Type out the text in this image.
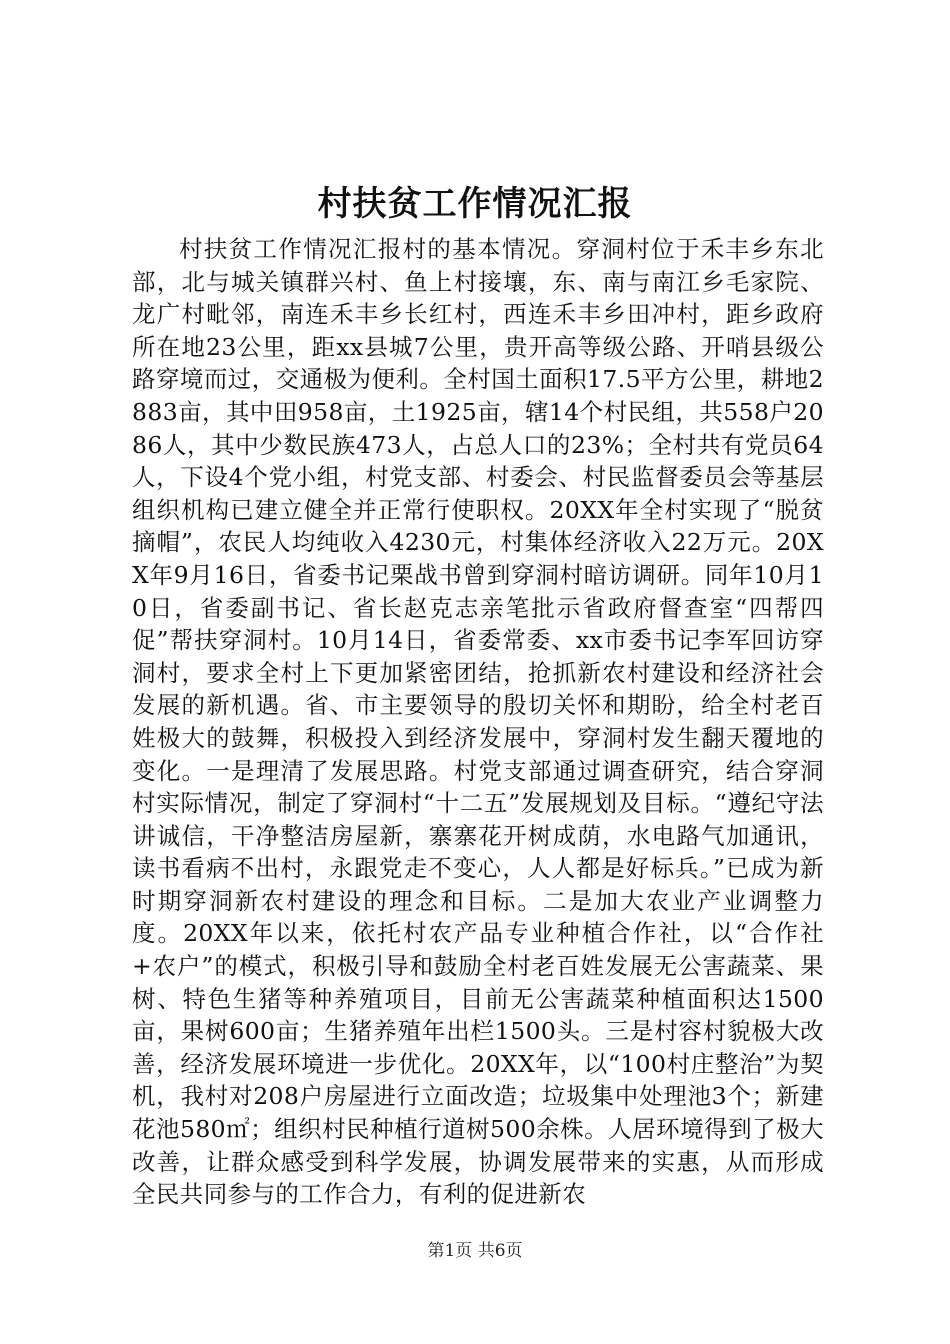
村扶贫工作情况汇报

村扶贫工作情况汇报村的基本情况。穿洞村位于禾丰乡东北部，北与城关镇群兴村、鱼上村接壤，东、南与南江乡毛家院、龙广村毗邻，南连禾丰乡长红村，西连禾丰乡田冲村，距乡政府所在地23公里，距xx县城7公里，贵开高等级公路、开哨县级公路穿境而过，交通极为便利。全村国土面积17.5平方公里，耕地2883亩，其中田958亩，土1925亩，辖14个村民组，共558户2086人，其中少数民族473人，占总人口的23%；全村共有党员64人，下设4个党小组，村党支部、村委会、村民监督委员会等基层组织机构已建立健全并正常行使职权。20XX年全村实现了“脱贫摘帽”，农民人均纯收入4230元，村集体经济收入22万元。20XX年9月16日，省委书记栗战书曾到穿洞村暗访调研。同年10月10日，省委副书记、省长赵克志亲笔批示省政府督查室“四帮四促”帮扶穿洞村。10月14日，省委常委、xx市委书记李军回访穿洞村，要求全村上下更加紧密团结，抢抓新农村建设和经济社会发展的新机遇。省、市主要领导的殷切关怀和期盼，给全村老百姓极大的鼓舞，积极投入到经济发展中，穿洞村发生翻天覆地的变化。一是理清了发展思路。村党支部通过调查研究，结合穿洞村实际情况，制定了穿洞村“十二五”发展规划及目标。“遵纪守法讲诚信，干净整洁房屋新，寨寨花开树成荫，水电路气加通讯，读书看病不出村，永跟党走不变心，人人都是好标兵。”已成为新时期穿洞新农村建设的理念和目标。二是加大农业产业调整力度。20XX年以来，依托村农产品专业种植合作社，以“合作社+农户”的模式，积极引导和鼓励全村老百姓发展无公害蔬菜、果树、特色生猪等种养殖项目，目前无公害蔬菜种植面积达1500亩，果树600亩；生猪养殖年出栏1500头。三是村容村貌极大改善，经济发展环境进一步优化。20XX年，以“100村庄整治”为契机，我村对208户房屋进行立面改造；垃圾集中处理池3个；新建花池580㎡；组织村民种植行道树500余株。人居环境得到了极大改善，让群众感受到科学发展，协调发展带来的实惠，从而形成全民共同参与的工作合力，有利的促进新农

第1页 共6页
